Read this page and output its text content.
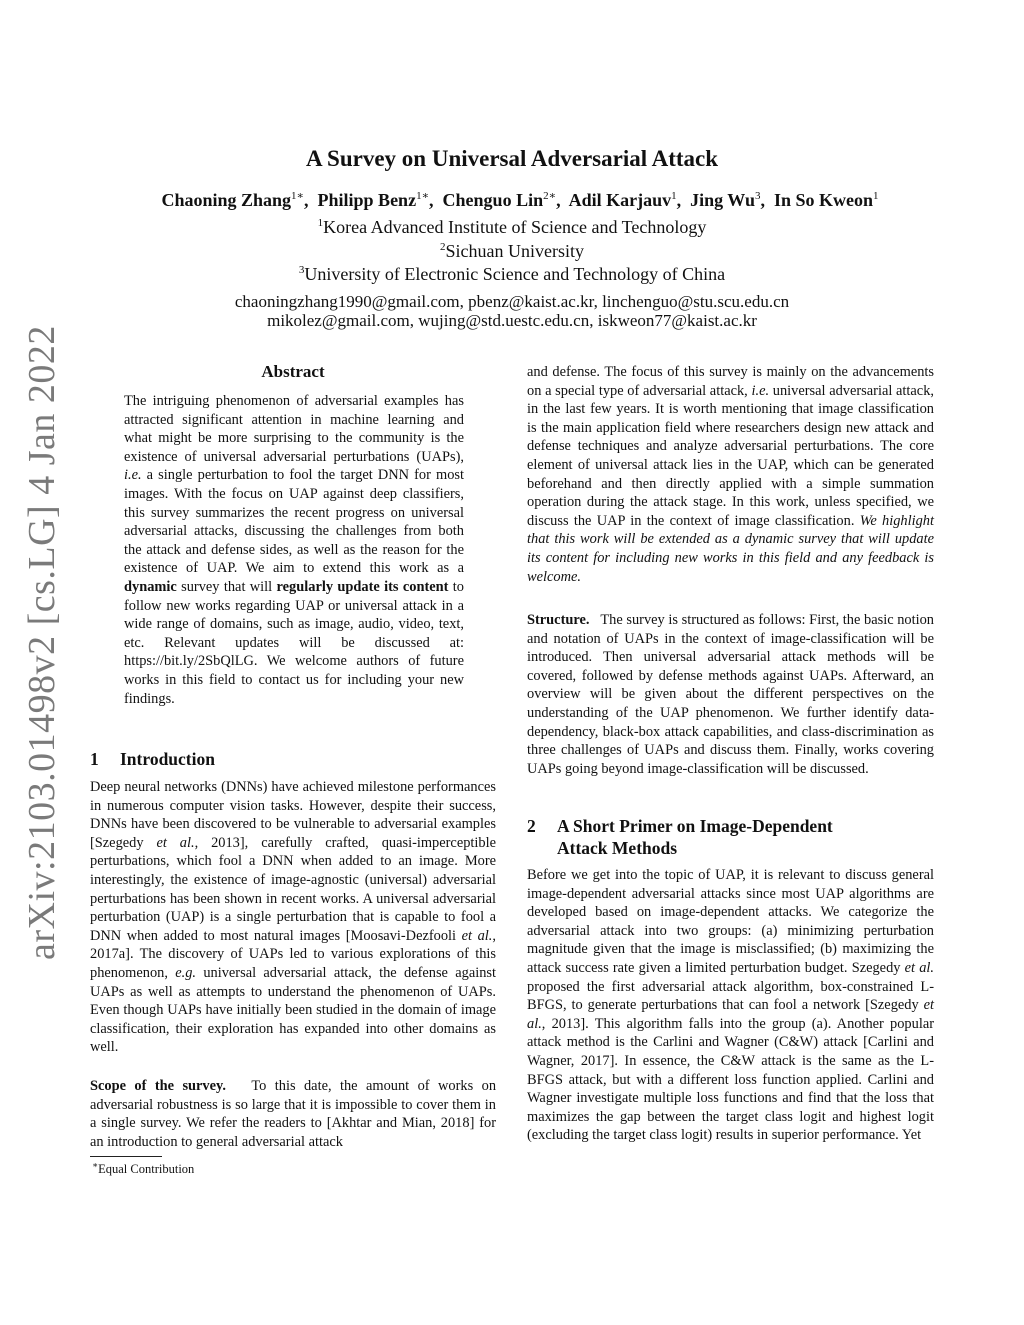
arXiv:2103.01498v2 [cs.LG] 4 Jan 2022
A Survey on Universal Adversarial Attack
Chaoning Zhang$^{1∗}$,  Philipp Benz$^{1∗}$,  Chenguo Lin$^{2∗}$,  Adil Karjauv$^1$,  Jing Wu$^3$,  In So Kweon$^1$
$^1$Korea Advanced Institute of Science and Technology
$^2$Sichuan University
$^3$University of Electronic Science and Technology of China
chaoningzhang1990@gmail.com, pbenz@kaist.ac.kr, linchenguo@stu.scu.edu.cn
mikolez@gmail.com, wujing@std.uestc.edu.cn, iskweon77@kaist.ac.kr
Abstract
The intriguing phenomenon of adversarial examples has attracted significant attention in machine learning and what might be more surprising to the community is the existence of universal adversarial perturbations (UAPs), i.e. a single perturbation to fool the target DNN for most images. With the focus on UAP against deep classifiers, this survey summarizes the recent progress on universal adversarial attacks, discussing the challenges from both the attack and defense sides, as well as the reason for the existence of UAP. We aim to extend this work as a dynamic survey that will regularly update its content to follow new works regarding UAP or universal attack in a wide range of domains, such as image, audio, video, text, etc. Relevant updates will be discussed at: https://bit.ly/2SbQlLG. We welcome authors of future works in this field to contact us for including your new findings.
1 Introduction
Deep neural networks (DNNs) have achieved milestone performances in numerous computer vision tasks. However, despite their success, DNNs have been discovered to be vulnerable to adversarial examples [Szegedy et al., 2013], carefully crafted, quasi-imperceptible perturbations, which fool a DNN when added to an image. More interestingly, the existence of image-agnostic (universal) adversarial perturbations has been shown in recent works. A universal adversarial perturbation (UAP) is a single perturbation that is capable to fool a DNN when added to most natural images [Moosavi-Dezfooli et al., 2017a]. The discovery of UAPs led to various explorations of this phenomenon, e.g. universal adversarial attack, the defense against UAPs as well as attempts to understand the phenomenon of UAPs. Even though UAPs have initially been studied in the domain of image classification, their exploration has expanded into other domains as well.
Scope of the survey. To this date, the amount of works on adversarial robustness is so large that it is impossible to cover them in a single survey. We refer the readers to [Akhtar and Mian, 2018] for an introduction to general adversarial attack
∗Equal Contribution
and defense. The focus of this survey is mainly on the advancements on a special type of adversarial attack, i.e. universal adversarial attack, in the last few years. It is worth mentioning that image classification is the main application field where researchers design new attack and defense techniques and analyze adversarial perturbations. The core element of universal attack lies in the UAP, which can be generated beforehand and then directly applied with a simple summation operation during the attack stage. In this work, unless specified, we discuss the UAP in the context of image classification. We highlight that this work will be extended as a dynamic survey that will update its content for including new works in this field and any feedback is welcome.
Structure. The survey is structured as follows: First, the basic notion and notation of UAPs in the context of image-classification will be introduced. Then universal adversarial attack methods will be covered, followed by defense methods against UAPs. Afterward, an overview will be given about the different perspectives on the understanding of the UAP phenomenon. We further identify data-dependency, black-box attack capabilities, and class-discrimination as three challenges of UAPs and discuss them. Finally, works covering UAPs going beyond image-classification will be discussed.
2 A Short Primer on Image-Dependent
Attack Methods
Before we get into the topic of UAP, it is relevant to discuss general image-dependent adversarial attacks since most UAP algorithms are developed based on image-dependent attacks. We categorize the adversarial attack into two groups: (a) minimizing perturbation magnitude given that the image is misclassified; (b) maximizing the attack success rate given a limited perturbation budget. Szegedy et al. proposed the first adversarial attack algorithm, box-constrained L-BFGS, to generate perturbations that can fool a network [Szegedy et al., 2013]. This algorithm falls into the group (a). Another popular attack method is the Carlini and Wagner (C&W) attack [Carlini and Wagner, 2017]. In essence, the C&W attack is the same as the L-BFGS attack, but with a different loss function applied. Carlini and Wagner investigate multiple loss functions and find that the loss that maximizes the gap between the target class logit and highest logit (excluding the target class logit) results in superior performance. Yet
